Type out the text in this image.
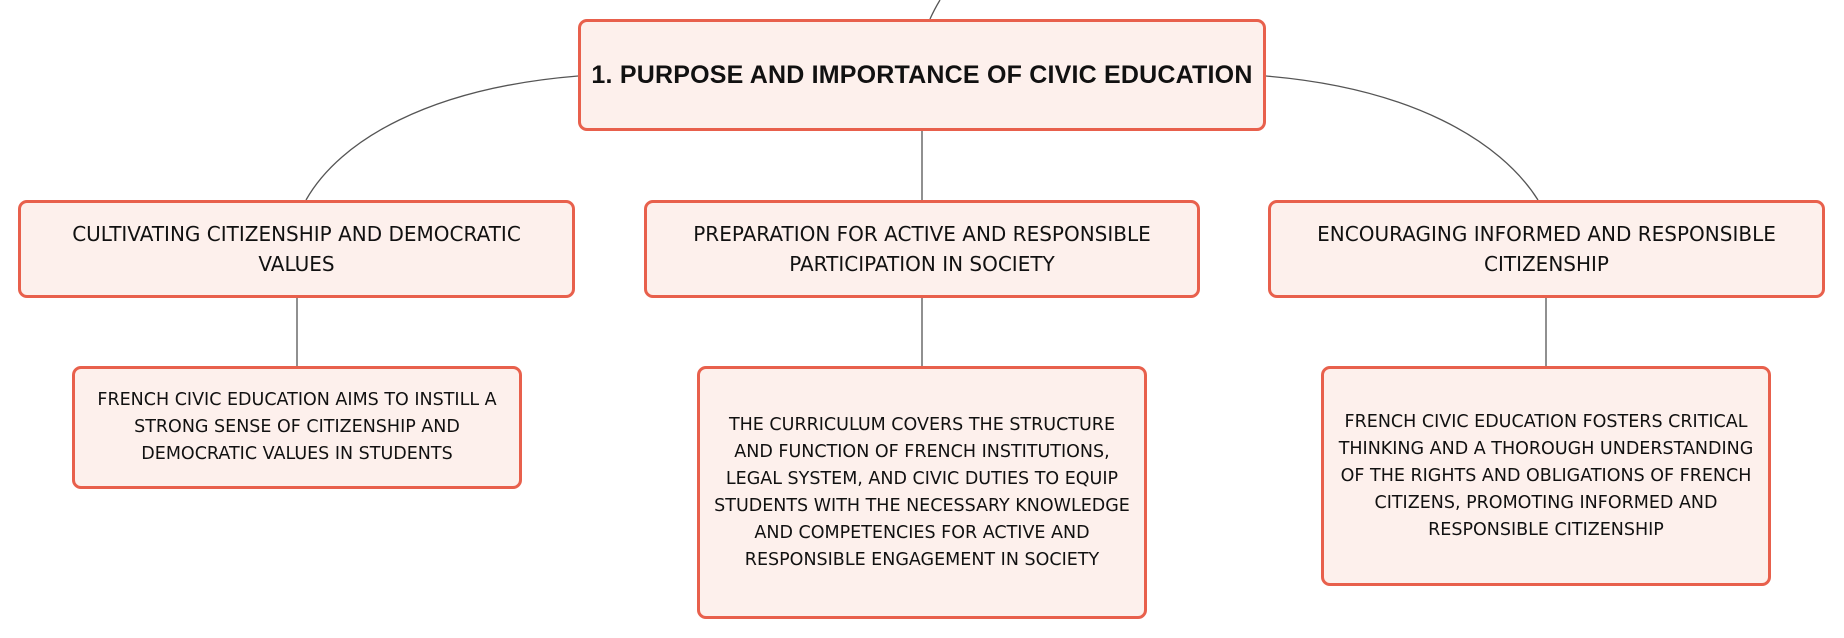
1. PURPOSE AND IMPORTANCE OF CIVIC EDUCATION
CULTIVATING CITIZENSHIP AND DEMOCRATIC VALUES
PREPARATION FOR ACTIVE AND RESPONSIBLE PARTICIPATION IN SOCIETY
ENCOURAGING INFORMED AND RESPONSIBLE CITIZENSHIP
FRENCH CIVIC EDUCATION AIMS TO INSTILL A STRONG SENSE OF CITIZENSHIP AND DEMOCRATIC VALUES IN STUDENTS
THE CURRICULUM COVERS THE STRUCTURE AND FUNCTION OF FRENCH INSTITUTIONS, LEGAL SYSTEM, AND CIVIC DUTIES TO EQUIP STUDENTS WITH THE NECESSARY KNOWLEDGE AND COMPETENCIES FOR ACTIVE AND RESPONSIBLE ENGAGEMENT IN SOCIETY
FRENCH CIVIC EDUCATION FOSTERS CRITICAL THINKING AND A THOROUGH UNDERSTANDING OF THE RIGHTS AND OBLIGATIONS OF FRENCH CITIZENS, PROMOTING INFORMED AND RESPONSIBLE CITIZENSHIP
